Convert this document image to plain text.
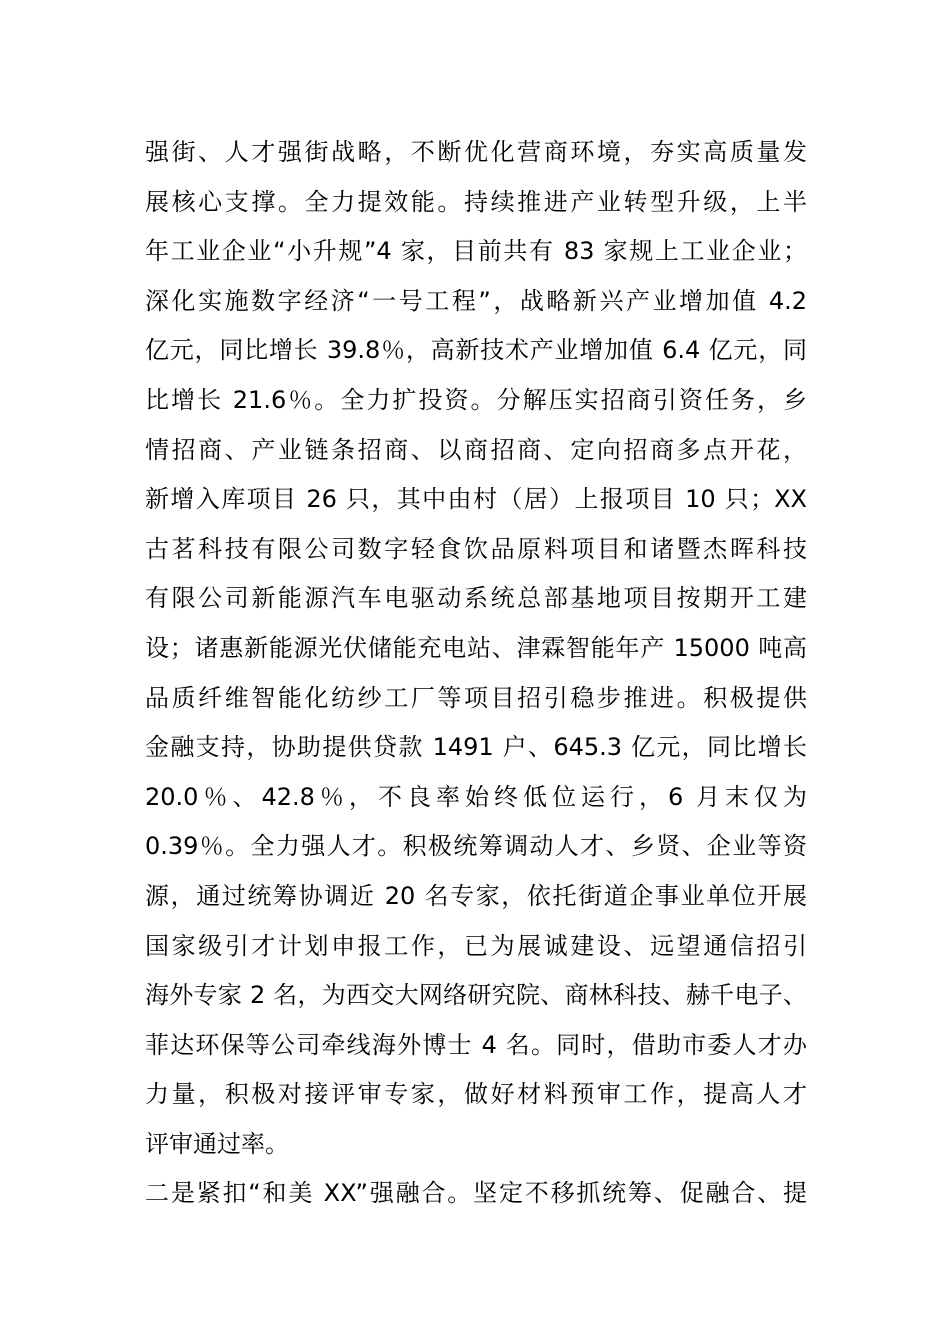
强街、人才强街战略，不断优化营商环境，夯实高质量发
展核心支撑。全力提效能。持续推进产业转型升级，上半
年工业企业“小升规”4 家，目前共有 83 家规上工业企业；
深化实施数字经济“一号工程”，战略新兴产业增加值 4.2
亿元，同比增长 39.8％，高新技术产业增加值 6.4 亿元，同
比增长 21.6％。全力扩投资。分解压实招商引资任务，乡
情招商、产业链条招商、以商招商、定向招商多点开花，
新增入库项目 26 只，其中由村（居）上报项目 10 只；XX
古茗科技有限公司数字轻食饮品原料项目和诸暨杰晖科技
有限公司新能源汽车电驱动系统总部基地项目按期开工建
设；诸惠新能源光伏储能充电站、津霖智能年产 15000 吨高
品质纤维智能化纺纱工厂等项目招引稳步推进。积极提供
金融支持，协助提供贷款 1491 户、645.3 亿元，同比增长
20.0％、42.8％，不良率始终低位运行，6 月末仅为
0.39％。全力强人才。积极统筹调动人才、乡贤、企业等资
源，通过统筹协调近 20 名专家，依托街道企事业单位开展
国家级引才计划申报工作，已为展诚建设、远望通信招引
海外专家 2 名，为西交大网络研究院、商林科技、赫千电子、
菲达环保等公司牵线海外博士 4 名。同时，借助市委人才办
力量，积极对接评审专家，做好材料预审工作，提高人才
评审通过率。
二是紧扣“和美 XX”强融合。坚定不移抓统筹、促融合、提
